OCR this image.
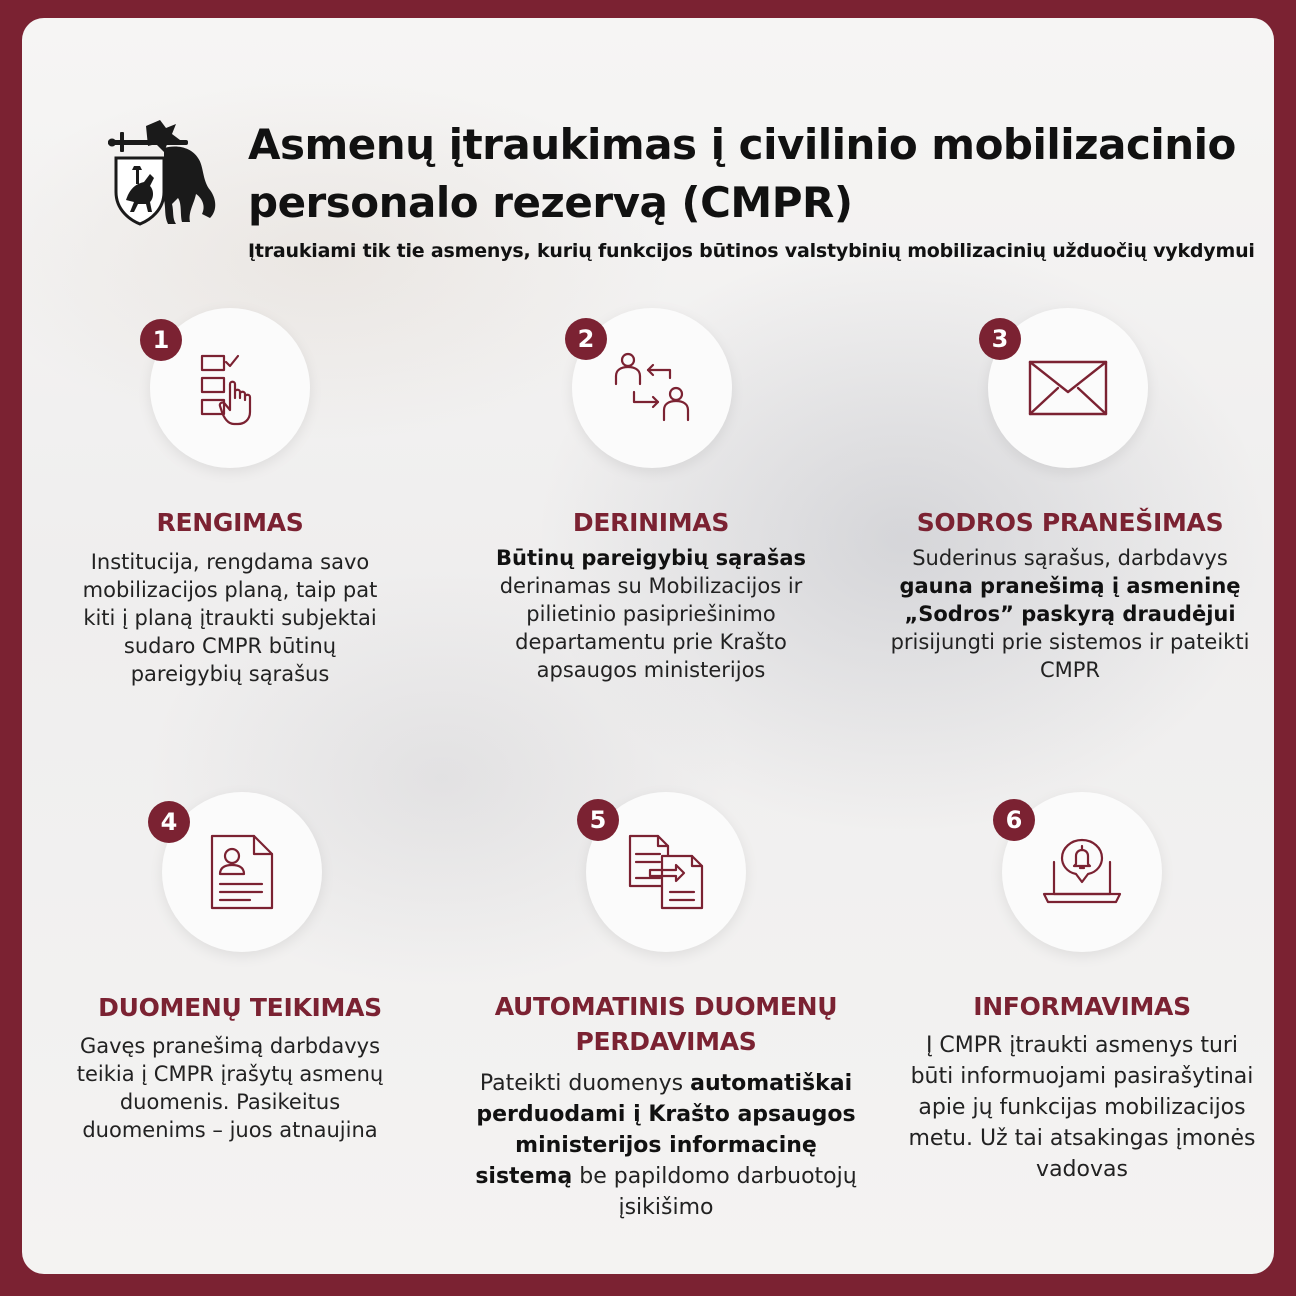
Asmenų įtraukimas į civilinio mobilizacinio personalo rezervą (CMPR)

Įtraukiami tik tie asmenys, kurių funkcijos būtinos valstybinių mobilizacinių užduočių vykdymui

1
RENGIMAS
Institucija, rengdama savo mobilizacijos planą, taip pat kiti į planą įtraukti subjektai sudaro CMPR būtinų pareigybių sąrašus
2
DERINIMAS
Būtinų pareigybių sąrašas derinamas su Mobilizacijos ir pilietinio pasipriešinimo departamentu prie Krašto apsaugos ministerijos
3
SODROS PRANEŠIMAS
Suderinus sąrašus, darbdavys gauna pranešimą į asmeninę „Sodros” paskyrą draudėjui prisijungti prie sistemos ir pateikti CMPR
4
DUOMENŲ TEIKIMAS
Gavęs pranešimą darbdavys teikia į CMPR įrašytų asmenų duomenis. Pasikeitus duomenims – juos atnaujina
5
AUTOMATINIS DUOMENŲ PERDAVIMAS
Pateikti duomenys automatiškai perduodami į Krašto apsaugos ministerijos informacinę sistemą be papildomo darbuotojų įsikišimo
6
INFORMAVIMAS
Į CMPR įtraukti asmenys turi būti informuojami pasirašytinai apie jų funkcijas mobilizacijos metu. Už tai atsakingas įmonės vadovas
